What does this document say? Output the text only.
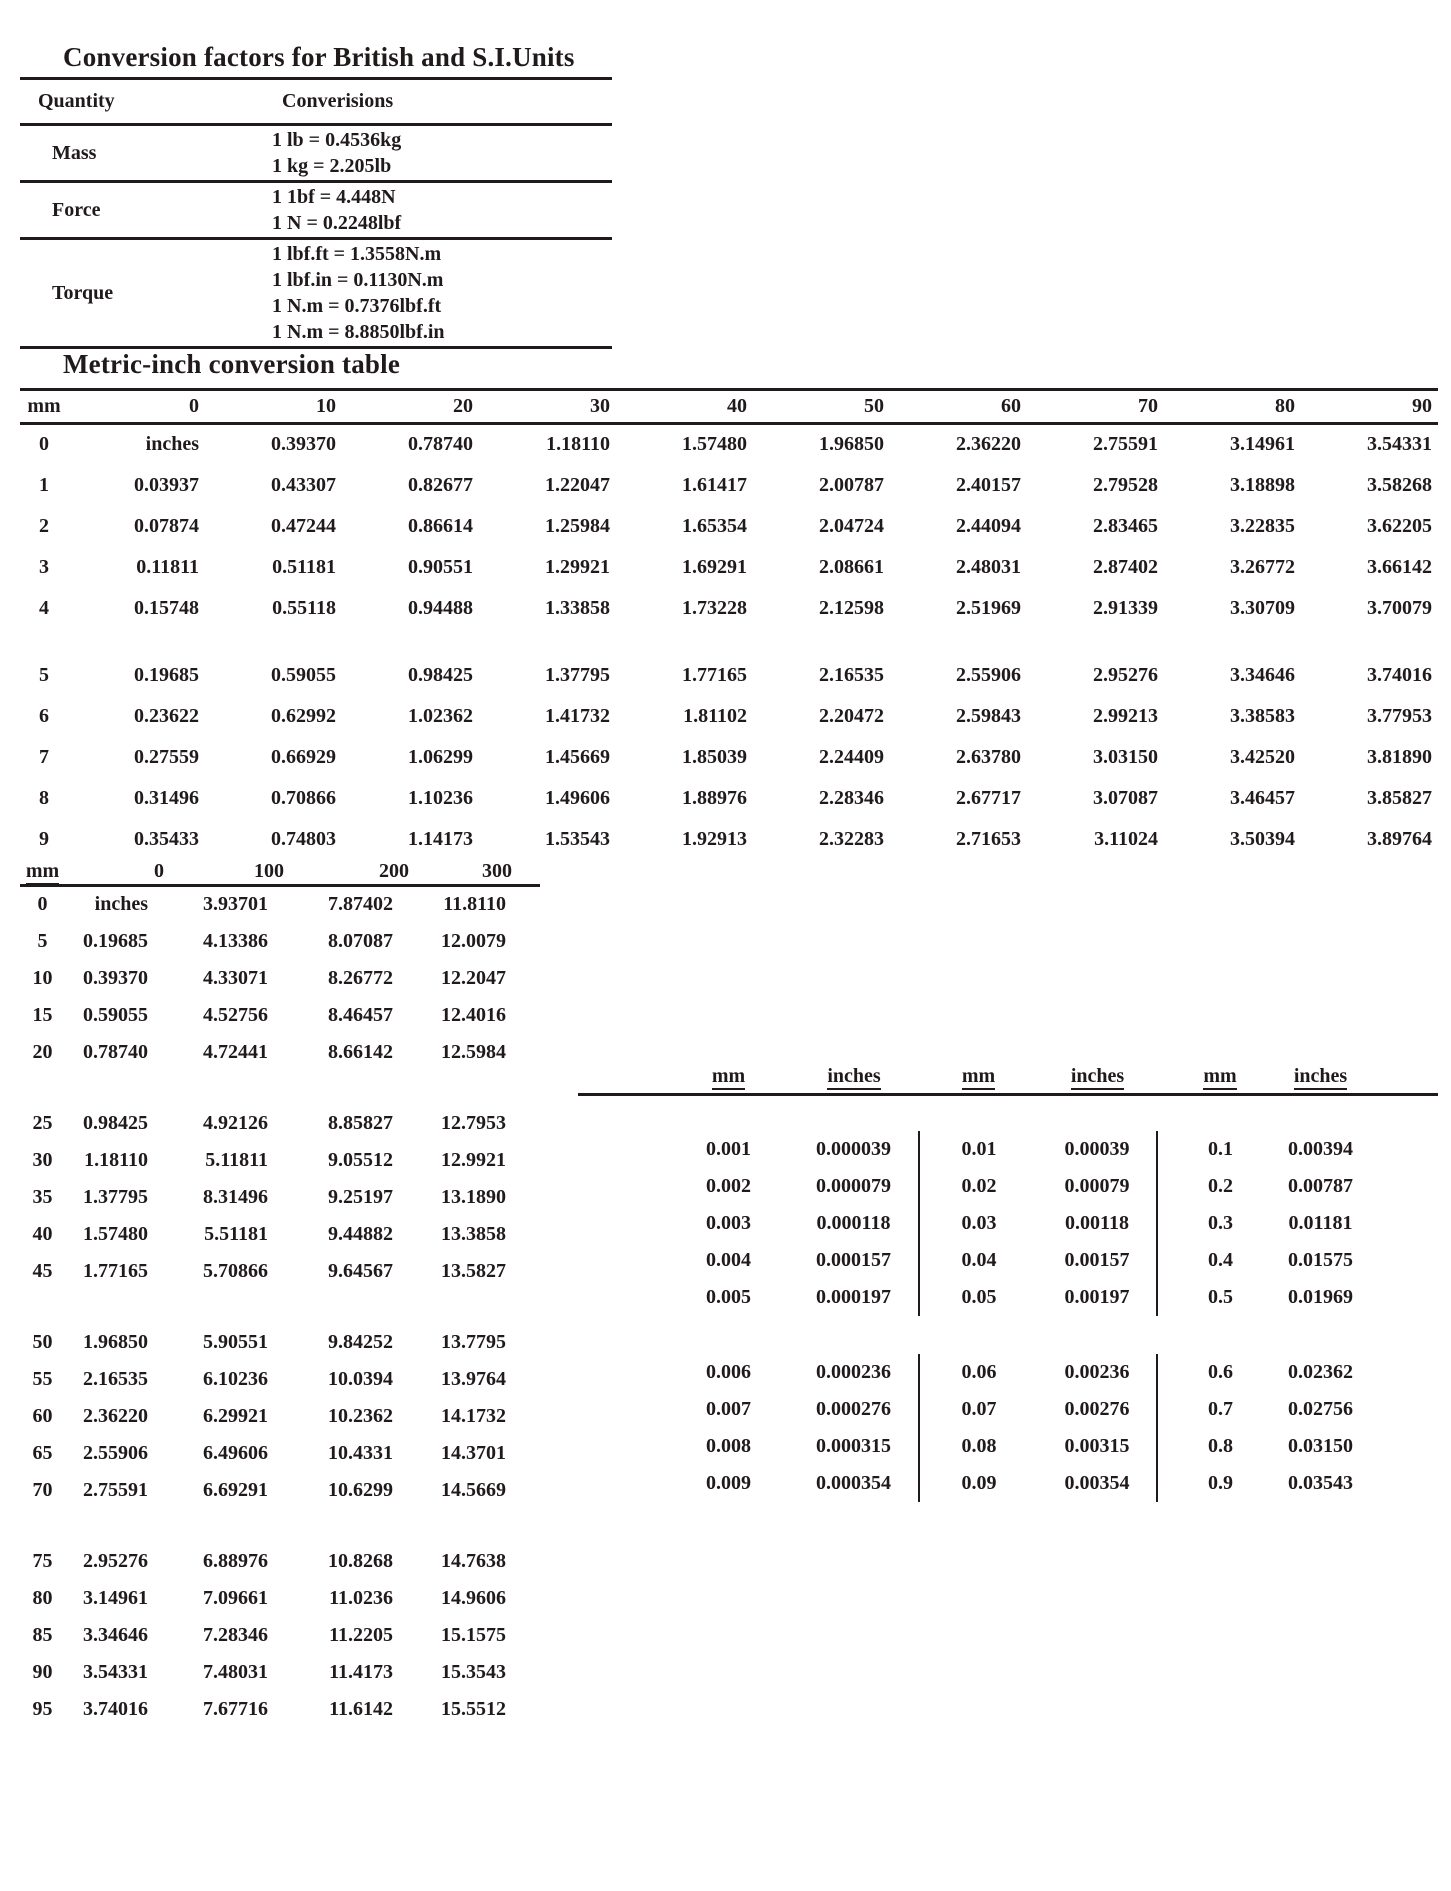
Conversion factors for British and S.I.Units
Quantity	Converisions
Mass	1 lb = 0.4536kg
1 kg = 2.205lb

Force	1 1bf = 4.448N
1 N = 0.2248lbf

Torque	1 lbf.ft = 1.3558N.m
1 lbf.in = 0.1130N.m
1 N.m = 0.7376lbf.ft
1 N.m = 8.8850lbf.in
Metric-inch conversion table
mm	0	10	20	30	40	50	60	70	80	90
0	inches	0.39370	0.78740	1.18110	1.57480	1.96850	2.36220	2.75591	3.14961	3.54331
1	0.03937	0.43307	0.82677	1.22047	1.61417	2.00787	2.40157	2.79528	3.18898	3.58268
2	0.07874	0.47244	0.86614	1.25984	1.65354	2.04724	2.44094	2.83465	3.22835	3.62205
3	0.11811	0.51181	0.90551	1.29921	1.69291	2.08661	2.48031	2.87402	3.26772	3.66142
4	0.15748	0.55118	0.94488	1.33858	1.73228	2.12598	2.51969	2.91339	3.30709	3.70079

5	0.19685	0.59055	0.98425	1.37795	1.77165	2.16535	2.55906	2.95276	3.34646	3.74016
6	0.23622	0.62992	1.02362	1.41732	1.81102	2.20472	2.59843	2.99213	3.38583	3.77953
7	0.27559	0.66929	1.06299	1.45669	1.85039	2.24409	2.63780	3.03150	3.42520	3.81890
8	0.31496	0.70866	1.10236	1.49606	1.88976	2.28346	2.67717	3.07087	3.46457	3.85827
9	0.35433	0.74803	1.14173	1.53543	1.92913	2.32283	2.71653	3.11024	3.50394	3.89764
mm	0	100	200	300
0	inches	3.93701	7.87402	11.8110
5	0.19685	4.13386	8.07087	12.0079
10	0.39370	4.33071	8.26772	12.2047
15	0.59055	4.52756	8.46457	12.4016
20	0.78740	4.72441	8.66142	12.5984

25	0.98425	4.92126	8.85827	12.7953
30	1.18110	5.11811	9.05512	12.9921
35	1.37795	8.31496	9.25197	13.1890
40	1.57480	5.51181	9.44882	13.3858
45	1.77165	5.70866	9.64567	13.5827

50	1.96850	5.90551	9.84252	13.7795
55	2.16535	6.10236	10.0394	13.9764
60	2.36220	6.29921	10.2362	14.1732
65	2.55906	6.49606	10.4331	14.3701
70	2.75591	6.69291	10.6299	14.5669

75	2.95276	6.88976	10.8268	14.7638
80	3.14961	7.09661	11.0236	14.9606
85	3.34646	7.28346	11.2205	15.1575
90	3.54331	7.48031	11.4173	15.3543
95	3.74016	7.67716	11.6142	15.5512
mm	inches	mm	inches	mm	inches

0.001	0.000039	0.01	0.00039	0.1	0.00394
0.002	0.000079	0.02	0.00079	0.2	0.00787
0.003	0.000118	0.03	0.00118	0.3	0.01181
0.004	0.000157	0.04	0.00157	0.4	0.01575
0.005	0.000197	0.05	0.00197	0.5	0.01969

0.006	0.000236	0.06	0.00236	0.6	0.02362
0.007	0.000276	0.07	0.00276	0.7	0.02756
0.008	0.000315	0.08	0.00315	0.8	0.03150
0.009	0.000354	0.09	0.00354	0.9	0.03543
